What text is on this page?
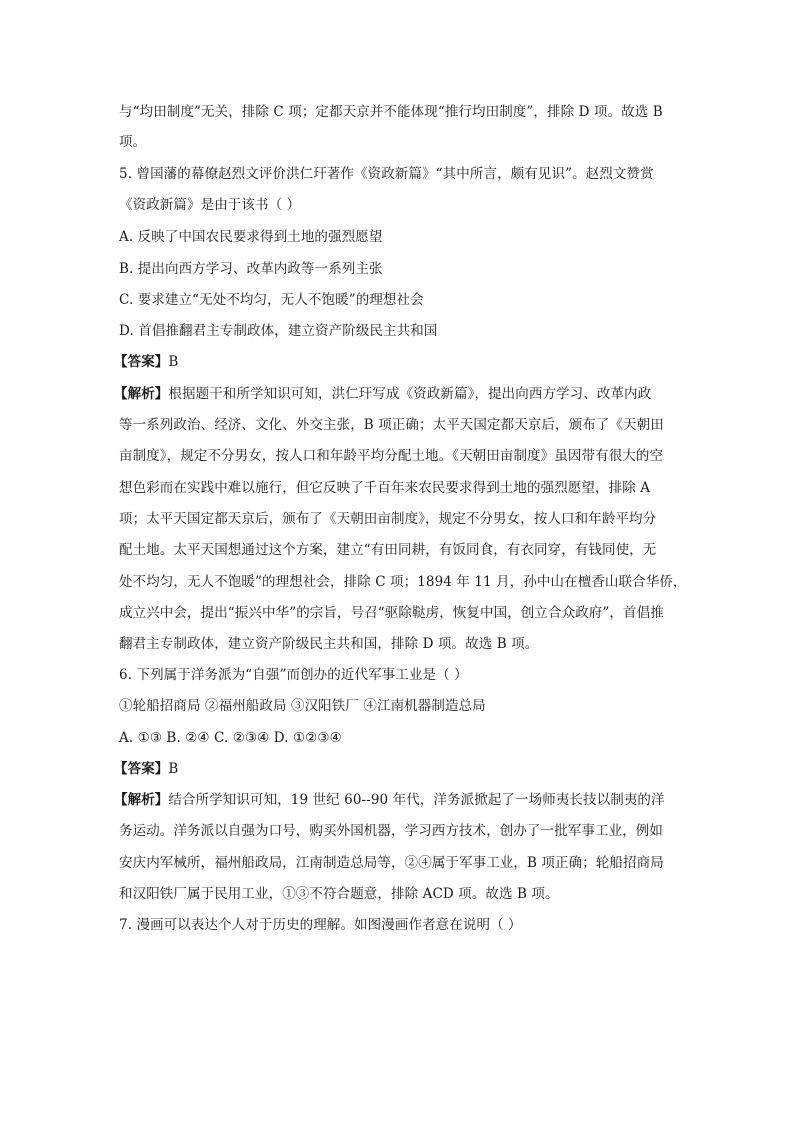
与“均田制度”无关，排除 C 项；定都天京并不能体现“推行均田制度”，排除 D 项。故选 B
项。
5. 曾国藩的幕僚赵烈文评价洪仁玕著作《资政新篇》“其中所言，颇有见识”。赵烈文赞赏
《资政新篇》是由于该书（ ）
A. 反映了中国农民要求得到土地的强烈愿望
B. 提出向西方学习、改革内政等一系列主张
C. 要求建立“无处不均匀，无人不饱暖”的理想社会
D. 首倡推翻君主专制政体，建立资产阶级民主共和国
【答案】B
【解析】根据题干和所学知识可知，洪仁玕写成《资政新篇》，提出向西方学习、改革内政
等一系列政治、经济、文化、外交主张，B 项正确；太平天国定都天京后，颁布了《天朝田
亩制度》，规定不分男女，按人口和年龄平均分配土地。《天朝田亩制度》虽因带有很大的空
想色彩而在实践中难以施行，但它反映了千百年来农民要求得到土地的强烈愿望，排除 A
项；太平天国定都天京后，颁布了《天朝田亩制度》，规定不分男女，按人口和年龄平均分
配土地。太平天国想通过这个方案，建立“有田同耕，有饭同食，有衣同穿，有钱同使，无
处不均匀，无人不饱暖”的理想社会，排除 C 项；1894 年 11 月，孙中山在檀香山联合华侨，
成立兴中会，提出“振兴中华”的宗旨，号召“驱除鞑虏，恢复中国，创立合众政府”，首倡推
翻君主专制政体，建立资产阶级民主共和国，排除 D 项。故选 B 项。
6. 下列属于洋务派为“自强”而创办的近代军事工业是（ ）
①轮船招商局 ②福州船政局 ③汉阳铁厂 ④江南机器制造总局
A. ①③ B. ②④ C. ②③④ D. ①②③④
【答案】B
【解析】结合所学知识可知，19 世纪 60--90 年代，洋务派掀起了一场师夷长技以制夷的洋
务运动。洋务派以自强为口号，购买外国机器，学习西方技术，创办了一批军事工业，例如
安庆内军械所，福州船政局，江南制造总局等，②④属于军事工业，B 项正确；轮船招商局
和汉阳铁厂属于民用工业，①③不符合题意，排除 ACD 项。故选 B 项。
7. 漫画可以表达个人对于历史的理解。如图漫画作者意在说明（ ）
